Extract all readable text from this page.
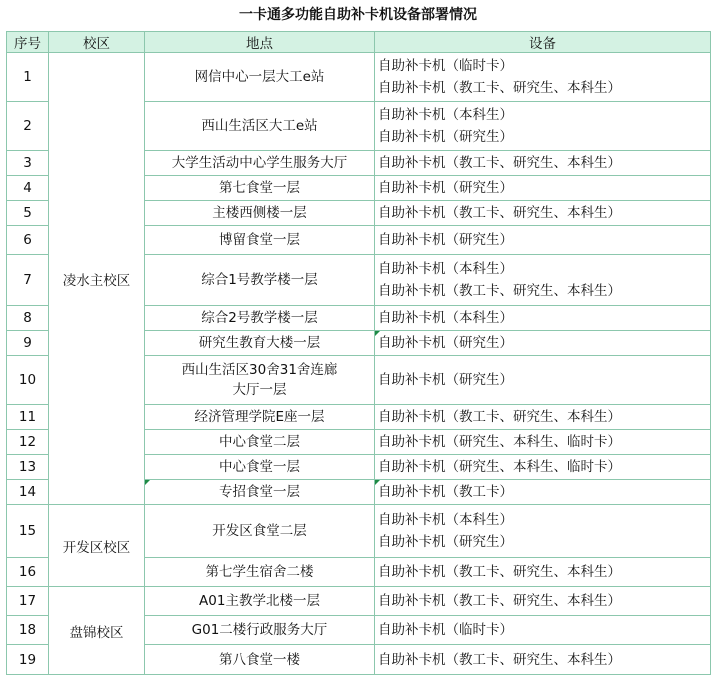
一卡通多功能自助补卡机设备部署情况
序号	校区	地点	设备
1	凌水主校区	网信中心一层大工e站	自助补卡机（临时卡）
自助补卡机（教工卡、研究生、本科生）

2		西山生活区大工e站	自助补卡机（本科生）
自助补卡机（研究生）

3		大学生活动中心学生服务大厅	自助补卡机（教工卡、研究生、本科生）

4		第七食堂一层	自助补卡机（研究生）

5		主楼西侧楼一层	自助补卡机（教工卡、研究生、本科生）

6		博留食堂一层	自助补卡机（研究生）

7		综合1号教学楼一层	自助补卡机（本科生）
自助补卡机（教工卡、研究生、本科生）

8		综合2号教学楼一层	自助补卡机（本科生）

9		研究生教育大楼一层	自助补卡机（研究生）

10		西山生活区30舍31舍连廊
大厅一层	自助补卡机（研究生）

11		经济管理学院E座一层	自助补卡机（教工卡、研究生、本科生）

12		中心食堂二层	自助补卡机（研究生、本科生、临时卡）

13		中心食堂一层	自助补卡机（研究生、本科生、临时卡）

14		专招食堂一层	自助补卡机（教工卡）

15	开发区校区	开发区食堂二层	自助补卡机（本科生）
自助补卡机（研究生）

16		第七学生宿舍二楼	自助补卡机（教工卡、研究生、本科生）

17	盘锦校区	A01主教学北楼一层	自助补卡机（教工卡、研究生、本科生）

18		G01二楼行政服务大厅	自助补卡机（临时卡）

19		第八食堂一楼	自助补卡机（教工卡、研究生、本科生）
